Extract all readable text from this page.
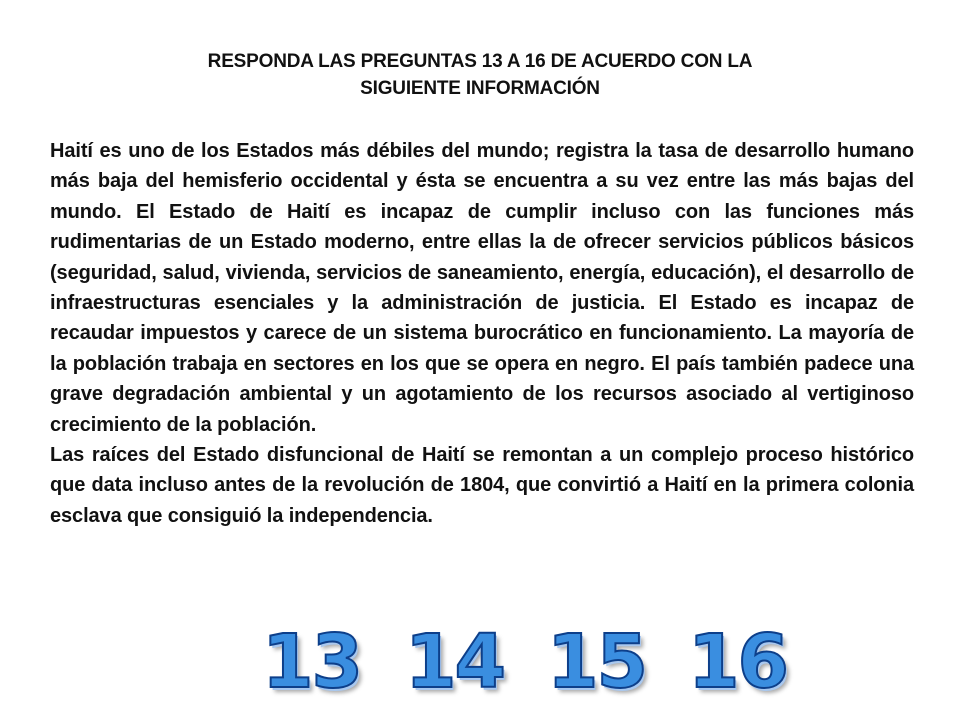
RESPONDA LAS PREGUNTAS 13 A 16 DE ACUERDO CON LA
SIGUIENTE INFORMACIÓN

Haití es uno de los Estados más débiles del mundo; registra la tasa de desarrollo humano más baja del hemisferio occidental y ésta se encuentra a su vez entre las más bajas del mundo. El Estado de Haití es incapaz de cumplir incluso con las funciones más rudimentarias de un Estado moderno, entre ellas la de ofrecer servicios públicos básicos (seguridad, salud, vivienda, servicios de saneamiento, energía, educación), el desarrollo de infraestructuras esenciales y la administración de justicia. El Estado es incapaz de recaudar impuestos y carece de un sistema burocrático en funcionamiento. La mayoría de la población trabaja en sectores en los que se opera en negro. El país también padece una grave degradación ambiental y un agotamiento de los recursos asociado al vertiginoso crecimiento de la población.

Las raíces del Estado disfuncional de Haití se remontan a un complejo proceso histórico que data incluso antes de la revolución de 1804, que convirtió a Haití en la primera colonia esclava que consiguió la independencia.

13 14 15 16
